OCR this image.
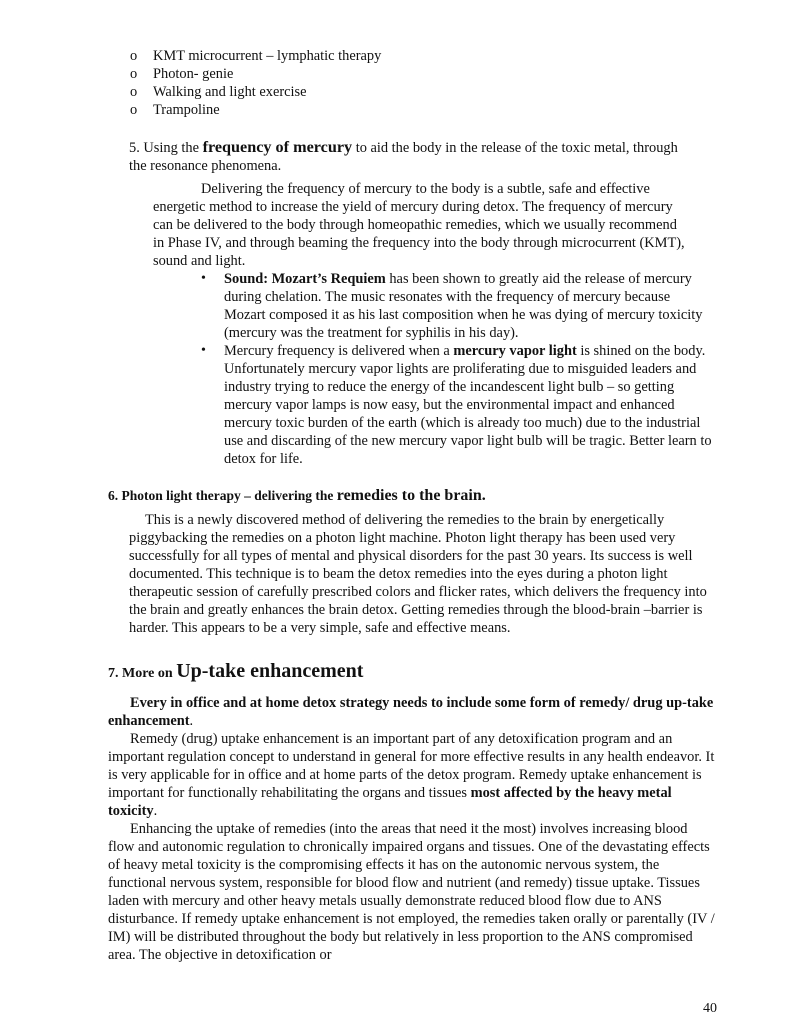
o KMT microcurrent – lymphatic therapy
o Photon- genie
o Walking and light exercise
o Trampoline

5. Using the frequency of mercury to aid the body in the release of the toxic metal, through the resonance phenomena.

Delivering the frequency of mercury to the body is a subtle, safe and effective energetic method to increase the yield of mercury during detox. The frequency of mercury can be delivered to the body through homeopathic remedies, which we usually recommend in Phase IV, and through beaming the frequency into the body through microcurrent (KMT), sound and light.

• Sound: Mozart’s Requiem has been shown to greatly aid the release of mercury during chelation. The music resonates with the frequency of mercury because Mozart composed it as his last composition when he was dying of mercury toxicity (mercury was the treatment for syphilis in his day).
• Mercury frequency is delivered when a mercury vapor light is shined on the body. Unfortunately mercury vapor lights are proliferating due to misguided leaders and industry trying to reduce the energy of the incandescent light bulb – so getting mercury vapor lamps is now easy, but the environmental impact and enhanced mercury toxic burden of the earth (which is already too much) due to the industrial use and discarding of the new mercury vapor light bulb will be tragic. Better learn to detox for life.

6. Photon light therapy – delivering the remedies to the brain.

This is a newly discovered method of delivering the remedies to the brain by energetically piggybacking the remedies on a photon light machine. Photon light therapy has been used very successfully for all types of mental and physical disorders for the past 30 years. Its success is well documented. This technique is to beam the detox remedies into the eyes during a photon light therapeutic session of carefully prescribed colors and flicker rates, which delivers the frequency into the brain and greatly enhances the brain detox. Getting remedies through the blood-brain –barrier is harder. This appears to be a very simple, safe and effective means.

7. More on Up-take enhancement

Every in office and at home detox strategy needs to include some form of remedy/ drug up-take enhancement.

Remedy (drug) uptake enhancement is an important part of any detoxification program and an important regulation concept to understand in general for more effective results in any health endeavor. It is very applicable for in office and at home parts of the detox program. Remedy uptake enhancement is important for functionally rehabilitating the organs and tissues most affected by the heavy metal toxicity.

Enhancing the uptake of remedies (into the areas that need it the most) involves increasing blood flow and autonomic regulation to chronically impaired organs and tissues. One of the devastating effects of heavy metal toxicity is the compromising effects it has on the autonomic nervous system, the functional nervous system, responsible for blood flow and nutrient (and remedy) tissue uptake. Tissues laden with mercury and other heavy metals usually demonstrate reduced blood flow due to ANS disturbance. If remedy uptake enhancement is not employed, the remedies taken orally or parentally (IV / IM) will be distributed throughout the body but relatively in less proportion to the ANS compromised area. The objective in detoxification or

40
